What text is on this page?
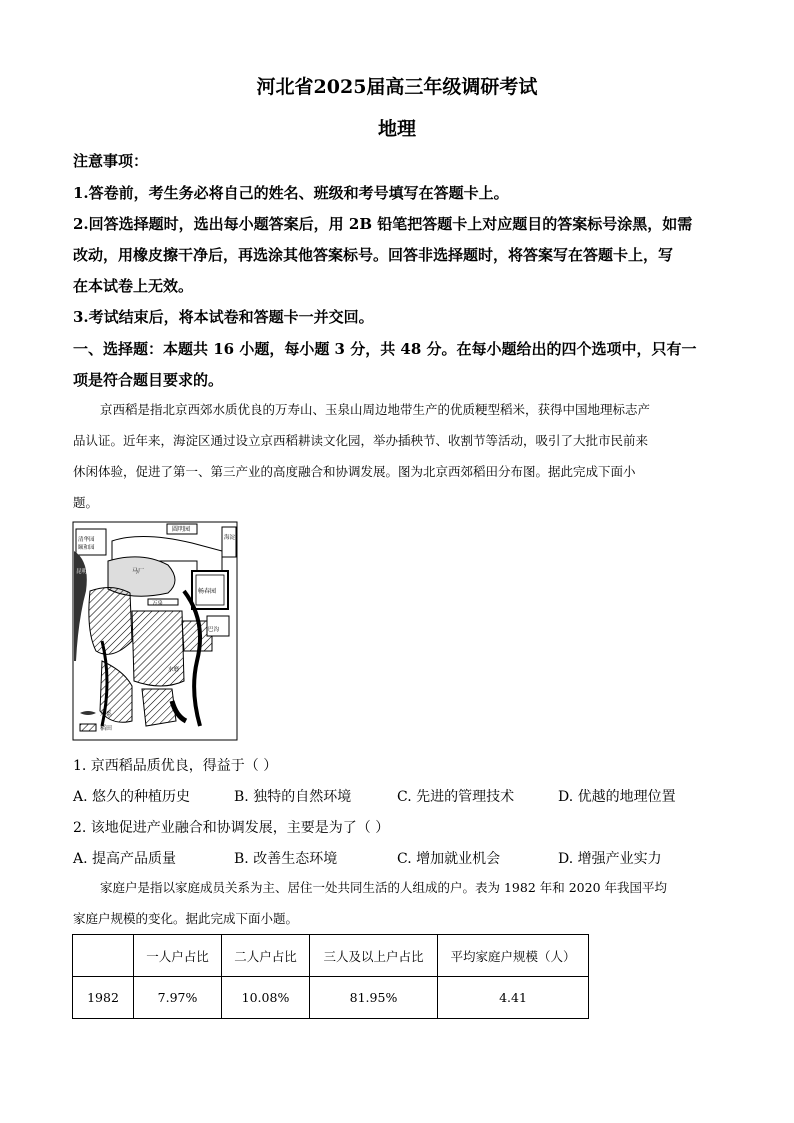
河北省2025届高三年级调研考试
地理
注意事项：
1.答卷前，考生务必将自己的姓名、班级和考号填写在答题卡上。
2.回答选择题时，选出每小题答案后，用 2B 铅笔把答题卡上对应题目的答案标号涂黑，如需
改动，用橡皮擦干净后，再选涂其他答案标号。回答非选择题时，将答案写在答题卡上，写
在本试卷上无效。
3.考试结束后，将本试卷和答题卡一并交回。
一、选择题：本题共 16 小题，每小题 3 分，共 48 分。在每小题给出的四个选项中，只有一
项是符合题目要求的。
京西稻是指北京西郊水质优良的万寿山、玉泉山周边地带生产的优质粳型稻米，获得中国地理标志产
品认证。近年来，海淀区通过设立京西稻耕读文化园，举办插秧节、收割节等活动，吸引了大批市民前来
休闲体验，促进了第一、第三产业的高度融合和协调发展。图为北京西郊稻田分布图。据此完成下面小
题。
圆明园
清华园
颐和园
畅春园
海淀
昆明湖	马厂
万泉
巴沟
水磨
水系
稻田
1. 京西稻品质优良，得益于（ ）
A. 悠久的种植历史	B. 独特的自然环境	C. 先进的管理技术	D. 优越的地理位置
2. 该地促进产业融合和协调发展，主要是为了（ ）
A. 提高产品质量	B. 改善生态环境	C. 增加就业机会	D. 增强产业实力
家庭户是指以家庭成员关系为主、居住一处共同生活的人组成的户。表为 1982 年和 2020 年我国平均
家庭户规模的变化。据此完成下面小题。
	一人户占比	二人户占比	三人及以上户占比	平均家庭户规模（人）
1982	7.97%	10.08%	81.95%	4.41
